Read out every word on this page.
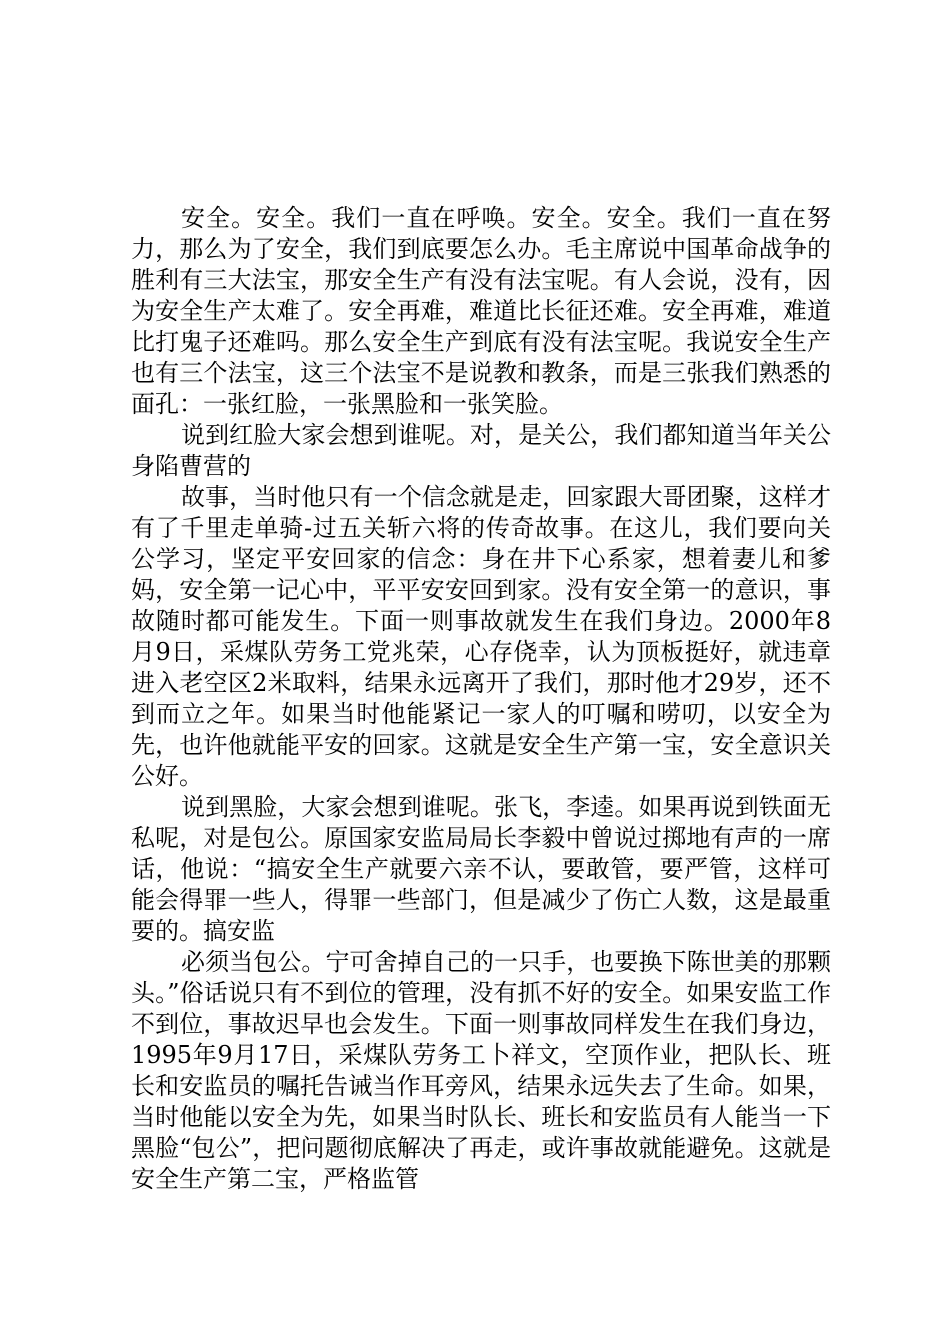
安全。安全。我们一直在呼唤。安全。安全。我们一直在努力，那么为了安全，我们到底要怎么办。毛主席说中国革命战争的胜利有三大法宝，那安全生产有没有法宝呢。有人会说，没有，因为安全生产太难了。安全再难，难道比长征还难。安全再难，难道比打鬼子还难吗。那么安全生产到底有没有法宝呢。我说安全生产也有三个法宝，这三个法宝不是说教和教条，而是三张我们熟悉的面孔：一张红脸，一张黑脸和一张笑脸。

说到红脸大家会想到谁呢。对，是关公，我们都知道当年关公身陷曹营的

故事，当时他只有一个信念就是走，回家跟大哥团聚，这样才有了千里走单骑-过五关斩六将的传奇故事。在这儿，我们要向关公学习，坚定平安回家的信念：身在井下心系家，想着妻儿和爹妈，安全第一记心中，平平安安回到家。没有安全第一的意识，事故随时都可能发生。下面一则事故就发生在我们身边。2000年8月9日，采煤队劳务工党兆荣，心存侥幸，认为顶板挺好，就违章进入老空区2米取料，结果永远离开了我们，那时他才29岁，还不到而立之年。如果当时他能紧记一家人的叮嘱和唠叨，以安全为先，也许他就能平安的回家。这就是安全生产第一宝，安全意识关公好。

说到黑脸，大家会想到谁呢。张飞，李逵。如果再说到铁面无私呢，对是包公。原国家安监局局长李毅中曾说过掷地有声的一席话，他说：“搞安全生产就要六亲不认，要敢管，要严管，这样可能会得罪一些人，得罪一些部门，但是减少了伤亡人数，这是最重要的。搞安监

必须当包公。宁可舍掉自己的一只手，也要换下陈世美的那颗头。”俗话说只有不到位的管理，没有抓不好的安全。如果安监工作不到位，事故迟早也会发生。下面一则事故同样发生在我们身边，1995年9月17日，采煤队劳务工卜祥文，空顶作业，把队长、班长和安监员的嘱托告诫当作耳旁风，结果永远失去了生命。如果，当时他能以安全为先，如果当时队长、班长和安监员有人能当一下黑脸“包公”，把问题彻底解决了再走，或许事故就能避免。这就是安全生产第二宝，严格监管
